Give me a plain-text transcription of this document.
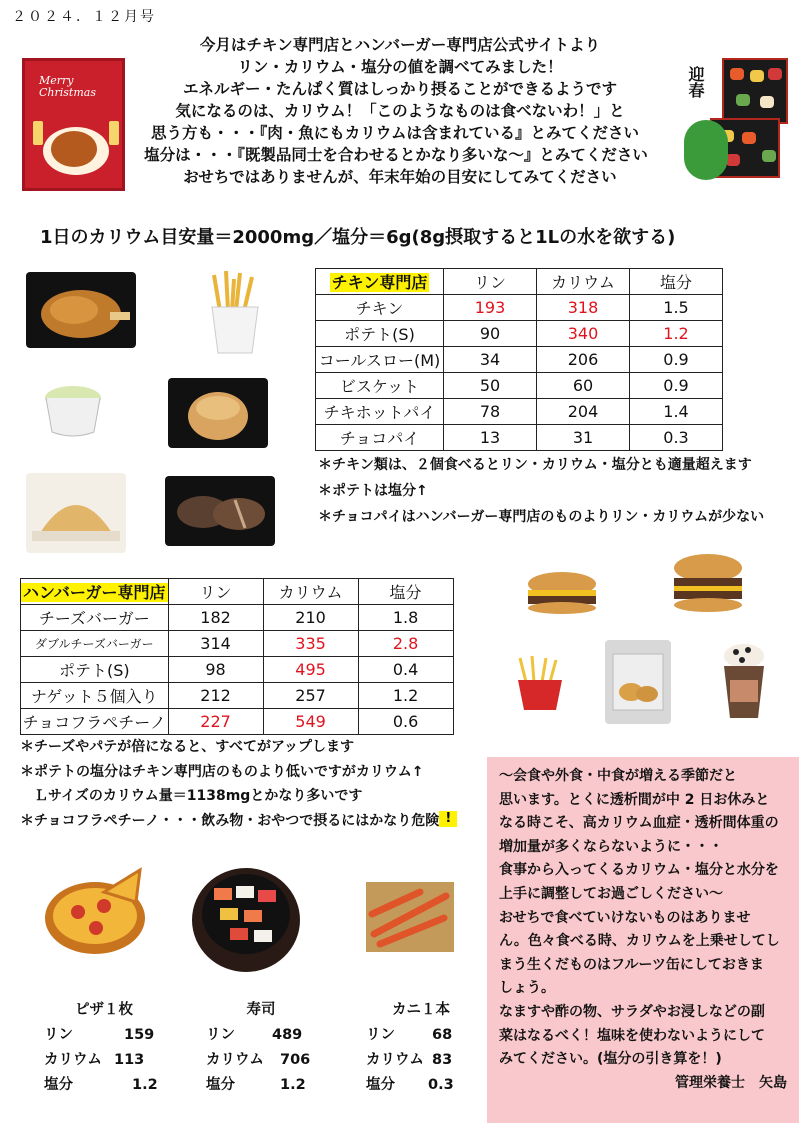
２０２４．１２月号
Merry Christmas
今月はチキン専門店とハンバーガー専門店公式サイトより
リン・カリウム・塩分の値を調べてみました！
エネルギー・たんぱく質はしっかり摂ることができるようです
気になるのは、カリウム！「このようなものは食べないわ！」と
思う方も・・・『肉・魚にもカリウムは含まれている』とみてください
塩分は・・・『既製品同士を合わせるとかなり多いな～』とみてください
おせちではありませんが、年末年始の目安にしてみてください
迎春
1日のカリウム目安量＝2000mg／塩分＝6g(8g摂取すると1Lの水を欲する)
チキン専門店	リン	カリウム	塩分
チキン	193	318	1.5
ポテト(S)	90	340	1.2
コールスロー(M)	34	206	0.9
ビスケット	50	60	0.9
チキホットパイ	78	204	1.4
チョコパイ	13	31	0.3
＊チキン類は、２個食べるとリン・カリウム・塩分とも適量超えます
＊ポテトは塩分↑
＊チョコパイはハンバーガー専門店のものよりリン・カリウムが少ない
ハンバーガー専門店	リン	カリウム	塩分
チーズバーガー	182	210	1.8
ダブルチーズバーガー	314	335	2.8
ポテト(S)	98	495	0.4
ナゲット５個入り	212	257	1.2
チョコフラペチーノ	227	549	0.6
＊チーズやパテが倍になると、すべてがアップします
＊ポテトの塩分はチキン専門店のものより低いですがカリウム↑
　Ｌサイズのカリウム量＝1138mgとかなり多いです
＊チョコフラペチーノ・・・飲み物・おやつで摂るにはかなり危険!
～会食や外食・中食が増える季節だと
思います。とくに透析間が中 2 日お休みと
なる時こそ、高カリウム血症・透析間体重の
増加量が多くならないように・・・
食事から入ってくるカリウム・塩分と水分を
上手に調整してお過ごしください～
おせちで食べていけないものはありませ
ん。色々食べる時、カリウムを上乗せしてし
まう生くだものはフルーツ缶にしておきま
しょう。
なますや酢の物、サラダやお浸しなどの副
菜はなるべく！塩味を使わないようにして
みてください。(塩分の引き算を！)
管理栄養士　矢島
ピザ１枚
リン	159
カリウム 113
塩分	1.2
寿司
リン	489
カリウム	706
塩分	1.2
カニ１本
リン	68
カリウム 83
塩分	0.3
